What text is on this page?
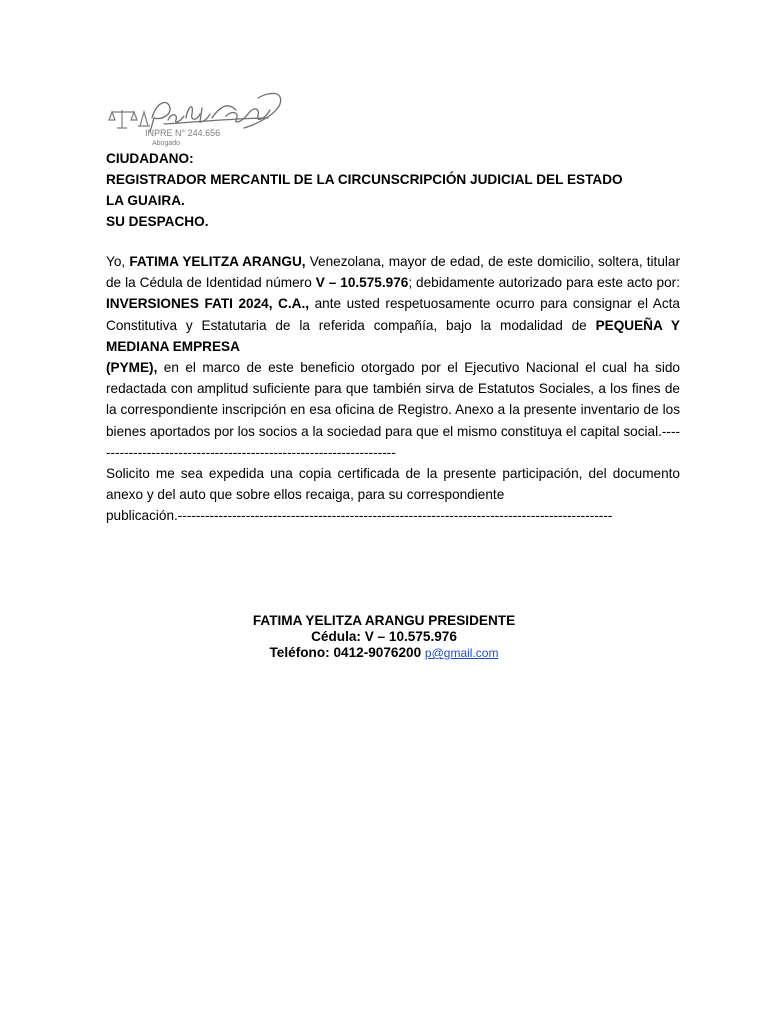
INPRE N° 244.656
Abogado
CIUDADANO:
REGISTRADOR MERCANTIL DE LA CIRCUNSCRIPCIÓN JUDICIAL DEL ESTADO
LA GUAIRA.
SU DESPACHO.

Yo, FATIMA YELITZA ARANGU, Venezolana, mayor de edad, de este domicilio, soltera, titular de la Cédula de Identidad número V – 10.575.976; debidamente autorizado para este acto por: INVERSIONES FATI 2024, C.A., ante usted respetuosamente ocurro para consignar el Acta Constitutiva y Estatutaria de la referida compañía, bajo la modalidad de PEQUEÑA Y MEDIANA EMPRESA
(PYME), en el marco de este beneficio otorgado por el Ejecutivo Nacional el cual ha sido redactada con amplitud suficiente para que también sirva de Estatutos Sociales, a los fines de la correspondiente inscripción en esa oficina de Registro. Anexo a la presente inventario de los bienes aportados por los socios a la sociedad para que el mismo constituya el capital social.--------------------------------------------------------------------

Solicito me sea expedida una copia certificada de la presente participación, del documento anexo y del auto que sobre ellos recaiga, para su correspondiente

publicación.------------------------------------------------------------------------------------------------

FATIMA YELITZA ARANGU PRESIDENTE
Cédula: V – 10.575.976
Teléfono: 0412-9076200 p@gmail.com
